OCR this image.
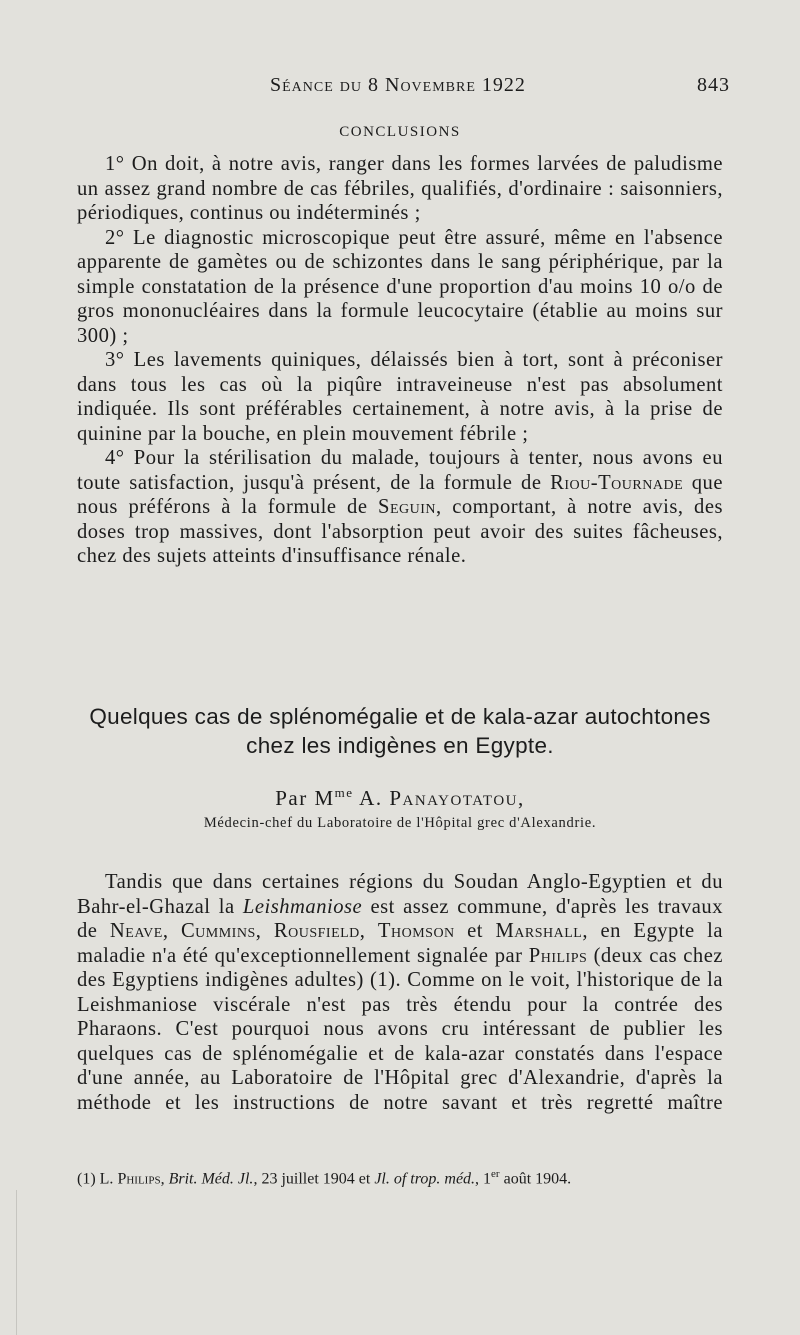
Séance du 8 Novembre 1922	843
CONCLUSIONS

1° On doit, à notre avis, ranger dans les formes larvées de paludisme un assez grand nombre de cas fébriles, qualifiés, d'ordinaire : saisonniers, périodiques, continus ou indéterminés ;

2° Le diagnostic microscopique peut être assuré, même en l'absence apparente de gamètes ou de schizontes dans le sang périphérique, par la simple constatation de la présence d'une proportion d'au moins 10 o/o de gros mononucléaires dans la formule leucocytaire (établie au moins sur 300) ;

3° Les lavements quiniques, délaissés bien à tort, sont à préconiser dans tous les cas où la piqûre intraveineuse n'est pas absolument indiquée. Ils sont préférables certainement, à notre avis, à la prise de quinine par la bouche, en plein mouvement fébrile ;

4° Pour la stérilisation du malade, toujours à tenter, nous avons eu toute satisfaction, jusqu'à présent, de la formule de Riou-Tournade que nous préférons à la formule de Seguin, comportant, à notre avis, des doses trop massives, dont l'absorption peut avoir des suites fâcheuses, chez des sujets atteints d'insuffisance rénale.

Quelques cas de splénomégalie et de kala-azar autochtones
chez les indigènes en Egypte.
Par $M^{me}$ A. Panayotatou,
Médecin-chef du Laboratoire de l'Hôpital grec d'Alexandrie.

Tandis que dans certaines régions du Soudan Anglo-Egyptien et du Bahr-el-Ghazal la Leishmaniose est assez commune, d'après les travaux de Neave, Cummins, Rousfield, Thomson et Marshall, en Egypte la maladie n'a été qu'exceptionnellement signalée par Philips (deux cas chez des Egyptiens indigènes adultes) (1). Comme on le voit, l'historique de la Leishmaniose viscérale n'est pas très étendu pour la contrée des Pharaons. C'est pourquoi nous avons cru intéressant de publier les quelques cas de splénomégalie et de kala-azar constatés dans l'espace d'une année, au Laboratoire de l'Hôpital grec d'Alexandrie, d'après la méthode et les instructions de notre savant et très regretté maître

(1) L. Philips, Brit. Méd. Jl., 23 juillet 1904 et Jl. of trop. méd., 1er août 1904.
